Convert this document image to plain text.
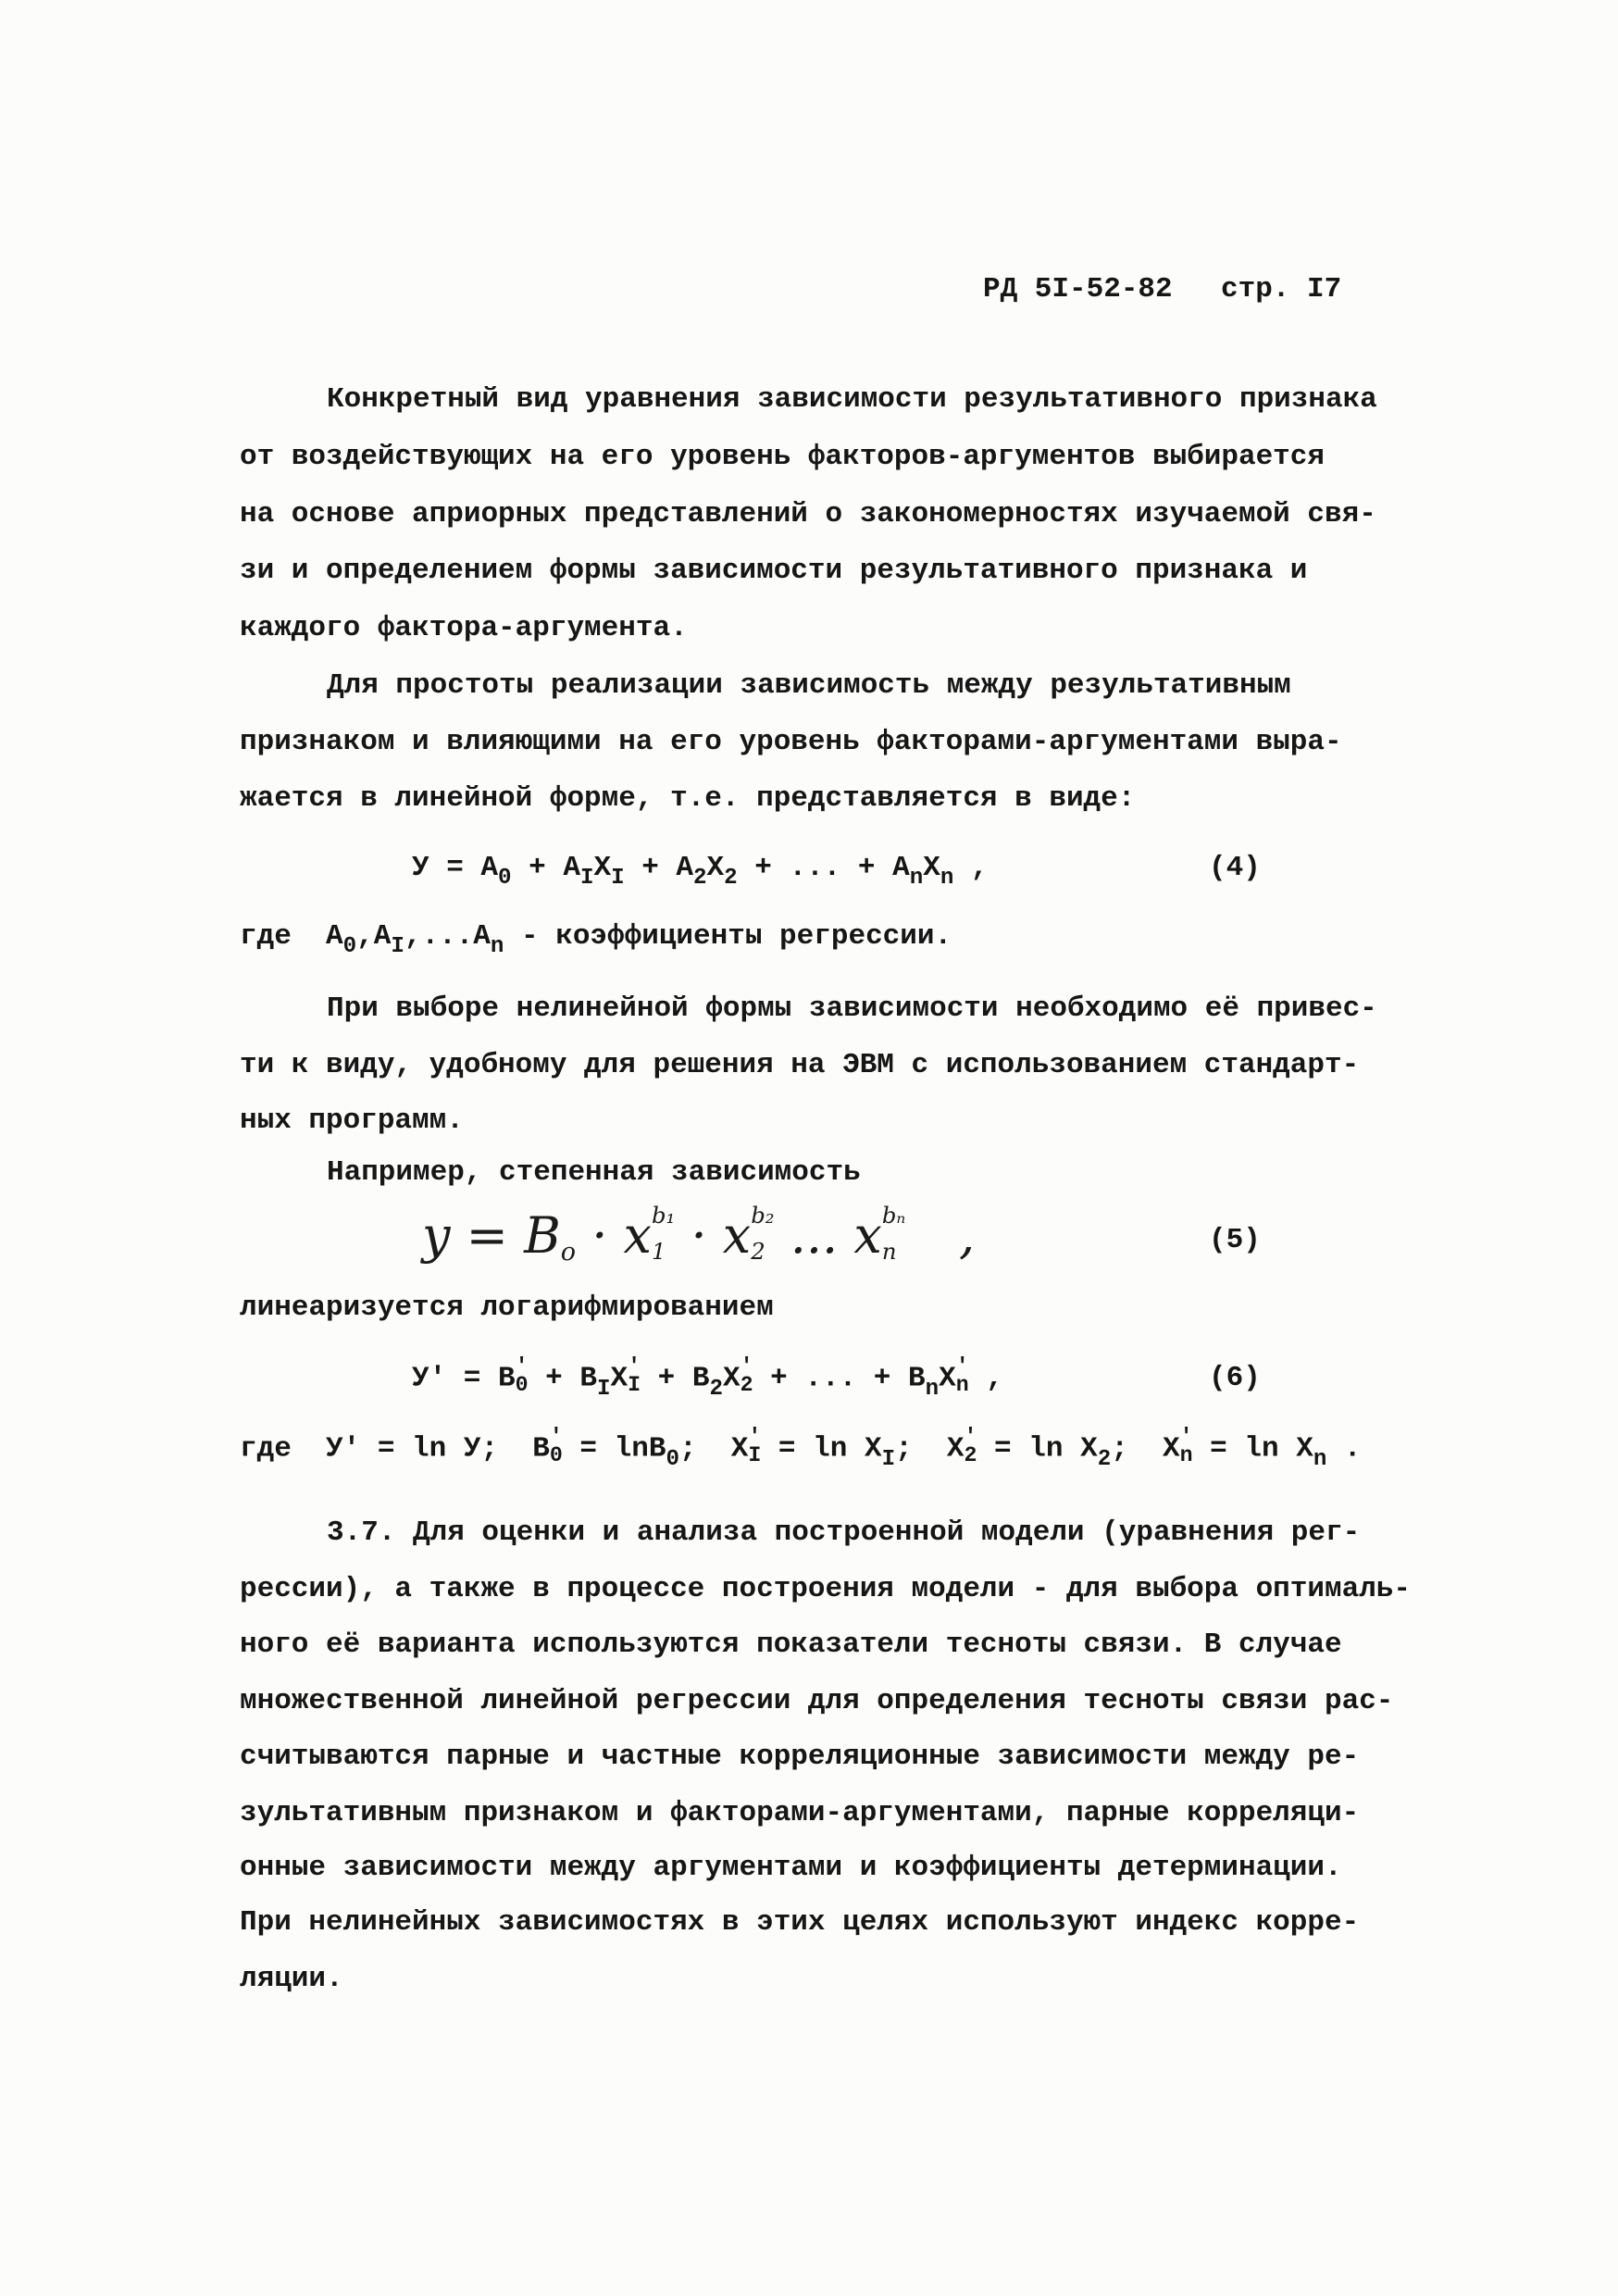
РД 5I-52-82 стр. I7
Конкретный вид уравнения зависимости результативного признака
от воздействующих на его уровень факторов-аргументов выбирается
на основе априорных представлений о закономерностях изучаемой свя-
зи и определением формы зависимости результативного признака и
каждого фактора-аргумента.
Для простоты реализации зависимость между результативным
признаком и влияющими на его уровень факторами-аргументами выра-
жается в линейной форме, т.е. представляется в виде:
$У = A_0 + A_IX_I + A_2X_2$ + ... + $A_nX_n$ ,	(4)
где  $A_0,A_I,...A_n$ - коэффициенты регрессии.
При выборе нелинейной формы зависимости необходимо её привес-
ти к виду, удобному для решения на ЭВМ с использованием стандарт-
ных программ.
Например, степенная зависимость
$y = B_o \cdot x$ b₁
1 · x b₂
2 ... x bₙ
n ,	(5)
линеаризуется логарифмированием
У' = B '
$0 + B_IX$ '
$I + B_2X$ '
2 + ... + $B_nX$ '
n ,	(6)
где  У' = ln У;  B '
0 = lnB$_0$;  X '
$I = \ln X_I$;  X '
$2 = \ln X_2$;  X '
$n = \ln X_n$ .
3.7. Для оценки и анализа построенной модели (уравнения рег-
рессии), а также в процессе построения модели - для выбора оптималь-
ного её варианта используются показатели тесноты связи. В случае
множественной линейной регрессии для определения тесноты связи рас-
считываются парные и частные корреляционные зависимости между ре-
зультативным признаком и факторами-аргументами, парные корреляци-
онные зависимости между аргументами и коэффициенты детерминации.
При нелинейных зависимостях в этих целях используют индекс корре-
ляции.
